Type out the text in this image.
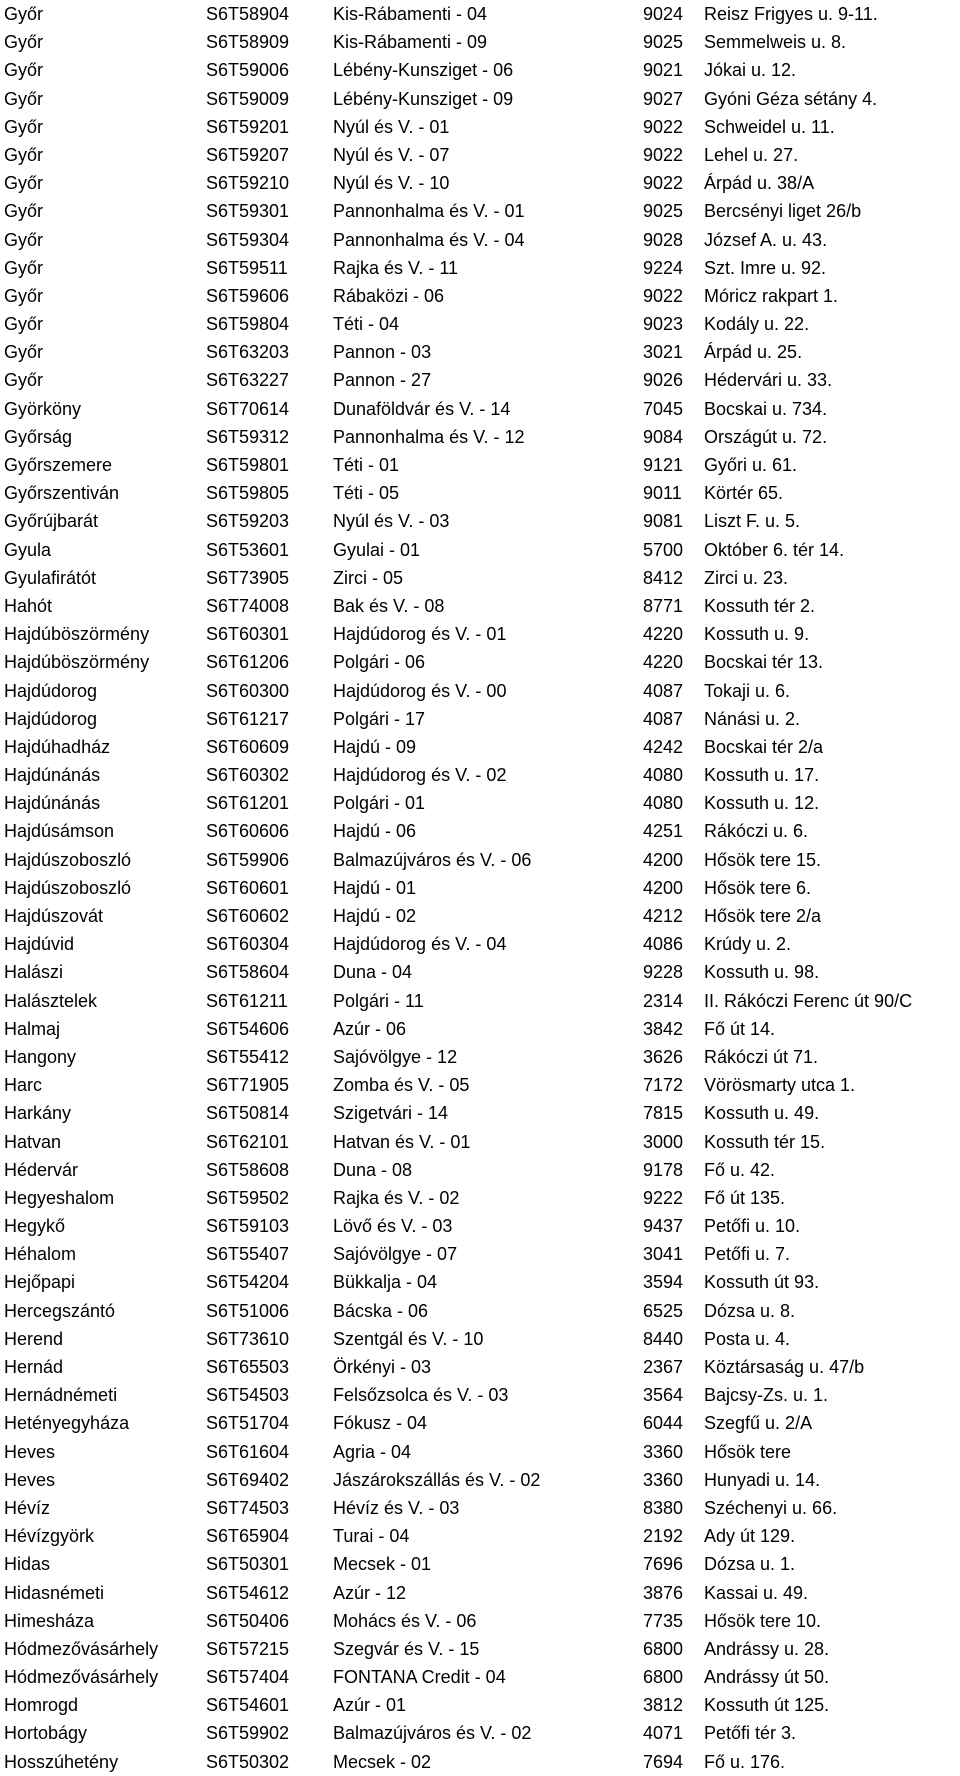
Győr	S6T58904 Kis-Rábamenti - 04	9024 Reisz Frigyes u. 9-11.
Győr	S6T58909 Kis-Rábamenti - 09	9025 Semmelweis u. 8.
Győr	S6T59006 Lébény-Kunsziget - 06	9021 Jókai u. 12.
Győr	S6T59009 Lébény-Kunsziget - 09	9027 Gyóni Géza sétány 4.
Győr	S6T59201 Nyúl és V. - 01	9022 Schweidel u. 11.
Győr	S6T59207 Nyúl és V. - 07	9022 Lehel u. 27.
Győr	S6T59210 Nyúl és V. - 10	9022 Árpád u. 38/A
Győr	S6T59301 Pannonhalma és V. - 01	9025 Bercsényi liget 26/b
Győr	S6T59304 Pannonhalma és V. - 04	9028 József A. u. 43.
Győr	S6T59511	Rajka és V. - 11	9224 Szt. Imre u. 92.
Győr	S6T59606 Rábaközi - 06	9022 Móricz rakpart 1.
Győr	S6T59804 Téti - 04	9023 Kodály u. 22.
Győr	S6T63203 Pannon - 03	3021 Árpád u. 25.
Győr	S6T63227 Pannon - 27	9026 Hédervári u. 33.
Györköny	S6T70614 Dunaföldvár és V. - 14	7045 Bocskai u. 734.
Győrság	S6T59312 Pannonhalma és V. - 12	9084 Országút u. 72.
Győrszemere	S6T59801 Téti - 01	9121 Győri u. 61.
Győrszentiván	S6T59805 Téti - 05	9011 Körtér 65.
Győrújbarát	S6T59203 Nyúl és V. - 03	9081 Liszt F. u. 5.
Gyula	S6T53601 Gyulai - 01	5700 Október 6. tér 14.
Gyulafirátót	S6T73905 Zirci - 05	8412 Zirci u. 23.
Hahót	S6T74008 Bak és V. - 08	8771 Kossuth tér 2.
Hajdúböszörmény	S6T60301 Hajdúdorog és V. - 01	4220 Kossuth u. 9.
Hajdúböszörmény	S6T61206 Polgári - 06	4220 Bocskai tér 13.
Hajdúdorog	S6T60300 Hajdúdorog és V. - 00	4087 Tokaji u. 6.
Hajdúdorog	S6T61217 Polgári - 17	4087 Nánási u. 2.
Hajdúhadház	S6T60609 Hajdú - 09	4242 Bocskai tér 2/a
Hajdúnánás	S6T60302 Hajdúdorog és V. - 02	4080 Kossuth u. 17.
Hajdúnánás	S6T61201 Polgári - 01	4080 Kossuth u. 12.
Hajdúsámson	S6T60606 Hajdú - 06	4251 Rákóczi u. 6.
Hajdúszoboszló	S6T59906 Balmazújváros és V. - 06	4200 Hősök tere 15.
Hajdúszoboszló	S6T60601 Hajdú - 01	4200 Hősök tere 6.
Hajdúszovát	S6T60602 Hajdú - 02	4212 Hősök tere 2/a
Hajdúvid	S6T60304 Hajdúdorog és V. - 04	4086 Krúdy u. 2.
Halászi	S6T58604 Duna - 04	9228 Kossuth u. 98.
Halásztelek	S6T61211	Polgári - 11	2314 II. Rákóczi Ferenc út 90/C
Halmaj	S6T54606 Azúr - 06	3842 Fő út 14.
Hangony	S6T55412 Sajóvölgye - 12	3626 Rákóczi út 71.
Harc	S6T71905 Zomba és V. - 05	7172 Vörösmarty utca 1.
Harkány	S6T50814 Szigetvári - 14	7815 Kossuth u. 49.
Hatvan	S6T62101 Hatvan és V. - 01	3000 Kossuth tér 15.
Hédervár	S6T58608 Duna - 08	9178 Fő u. 42.
Hegyeshalom	S6T59502 Rajka és V. - 02	9222 Fő út 135.
Hegykő	S6T59103 Lövő és V. - 03	9437 Petőfi u. 10.
Héhalom	S6T55407 Sajóvölgye - 07	3041 Petőfi u. 7.
Hejőpapi	S6T54204 Bükkalja - 04	3594 Kossuth út 93.
Hercegszántó	S6T51006 Bácska - 06	6525 Dózsa u. 8.
Herend	S6T73610 Szentgál és V. - 10	8440 Posta u. 4.
Hernád	S6T65503 Örkényi - 03	2367 Köztársaság u. 47/b
Hernádnémeti	S6T54503 Felsőzsolca és V. - 03	3564 Bajcsy-Zs. u. 1.
Hetényegyháza	S6T51704 Fókusz - 04	6044 Szegfű u. 2/A
Heves	S6T61604 Agria - 04	3360 Hősök tere
Heves	S6T69402 Jászárokszállás és V. - 02	3360 Hunyadi u. 14.
Hévíz	S6T74503 Hévíz és V. - 03	8380 Széchenyi u. 66.
Hévízgyörk	S6T65904 Turai - 04	2192 Ady út 129.
Hidas	S6T50301 Mecsek - 01	7696 Dózsa u. 1.
Hidasnémeti	S6T54612 Azúr - 12	3876 Kassai u. 49.
Himesháza	S6T50406 Mohács és V. - 06	7735 Hősök tere 10.
Hódmezővásárhely	S6T57215 Szegvár és V. - 15	6800 Andrássy u. 28.
Hódmezővásárhely	S6T57404 FONTANA Credit - 04	6800 Andrássy út 50.
Homrogd	S6T54601 Azúr - 01	3812 Kossuth út 125.
Hortobágy	S6T59902 Balmazújváros és V. - 02	4071 Petőfi tér 3.
Hosszúhetény	S6T50302 Mecsek - 02	7694 Fő u. 176.
